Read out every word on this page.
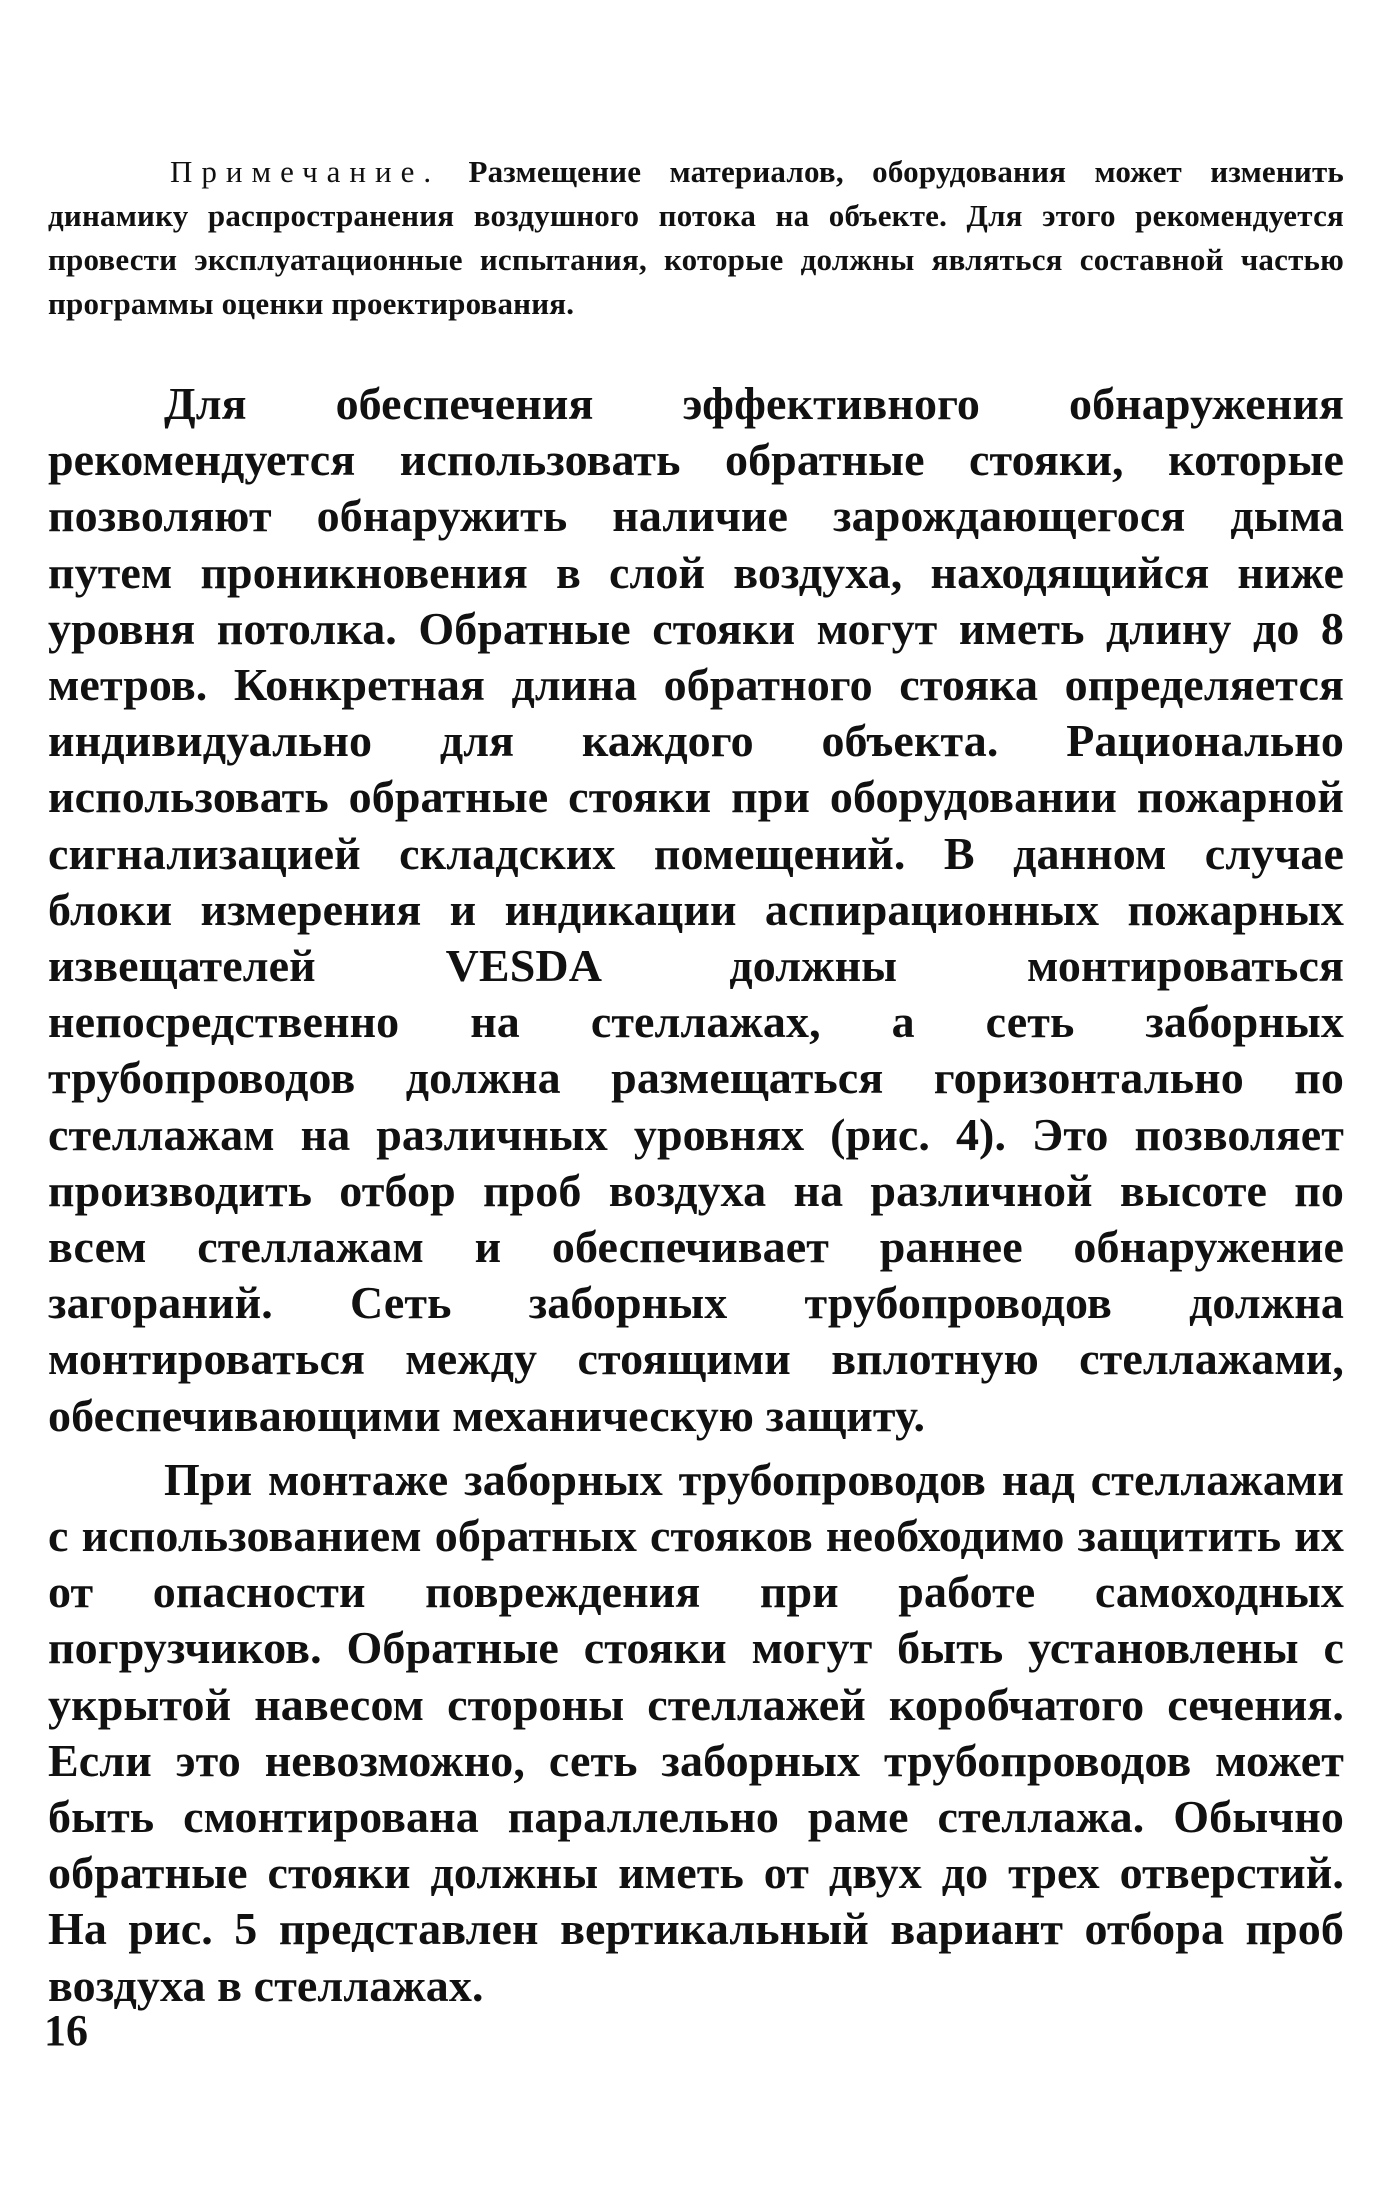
Примечание. Размещение материалов, оборудования может изменить динамику распространения воздушного потока на объекте. Для этого рекомендуется провести эксплуатационные испытания, которые должны являться составной частью программы оценки проектирования.

Для обеспечения эффективного обнаружения рекомендуется использовать обратные стояки, которые позволяют обнаружить наличие зарождающегося дыма путем проникновения в слой воздуха, находящийся ниже уровня потолка. Обратные стояки могут иметь длину до 8 метров. Конкретная длина обратного стояка определяется индивидуально для каждого объекта. Рационально использовать обратные стояки при оборудовании пожарной сигнализацией складских помещений. В данном случае блоки измерения и индикации аспирационных пожарных извещателей VESDA должны монтироваться непосредственно на стеллажах, а сеть заборных трубопроводов должна размещаться горизонтально по стеллажам на различных уровнях (рис. 4). Это позволяет производить отбор проб воздуха на различной высоте по всем стеллажам и обеспечивает раннее обнаружение загораний. Сеть заборных трубопроводов должна монтироваться между стоящими вплотную стеллажами, обеспечивающими механическую защиту.

При монтаже заборных трубопроводов над стеллажами с использованием обратных стояков необходимо защитить их от опасности повреждения при работе самоходных погрузчиков. Обратные стояки могут быть установлены с укрытой навесом стороны стеллажей коробчатого сечения. Если это невозможно, сеть заборных трубопроводов может быть смонтирована параллельно раме стеллажа. Обычно обратные стояки должны иметь от двух до трех отверстий. На рис. 5 представлен вертикальный вариант отбора проб воздуха в стеллажах.

16
